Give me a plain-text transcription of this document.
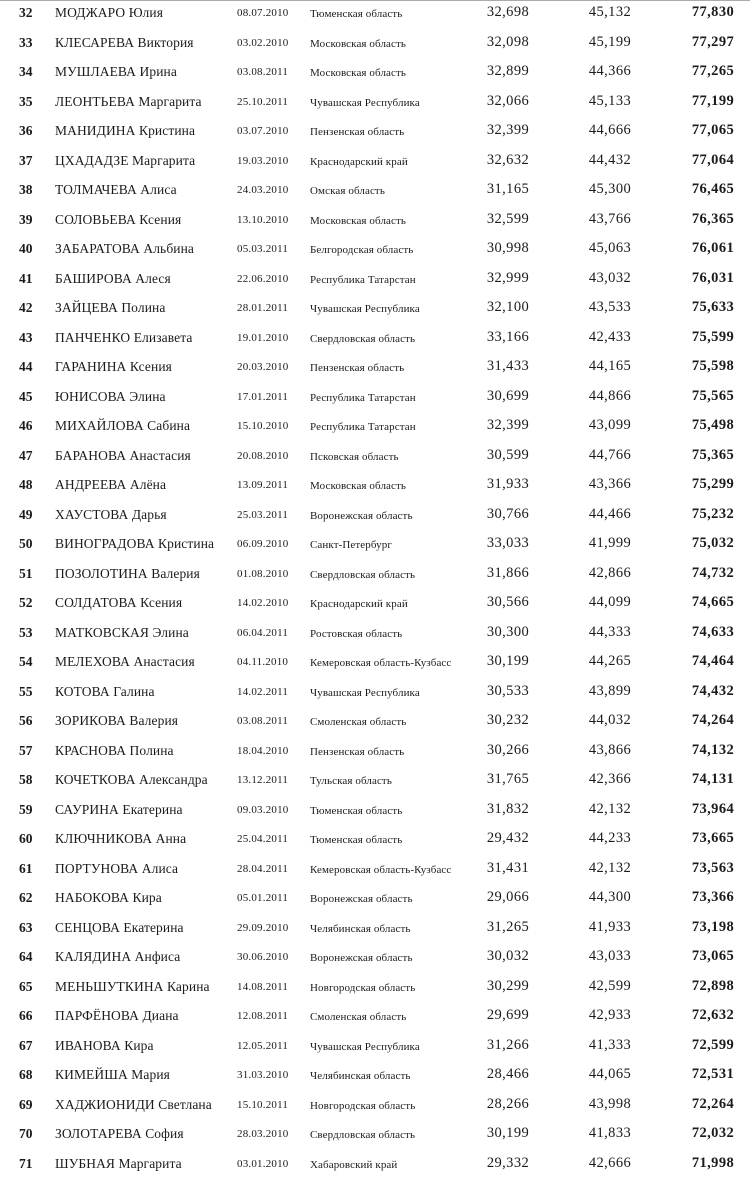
32	МОДЖАРО Юлия	08.07.2010	Тюменская область	32,698	45,132	77,830
33	КЛЕСАРЕВА Виктория	03.02.2010	Московская область	32,098	45,199	77,297
34	МУШЛАЕВА Ирина	03.08.2011	Московская область	32,899	44,366	77,265
35	ЛЕОНТЬЕВА Маргарита	25.10.2011	Чувашская Республика	32,066	45,133	77,199
36	МАНИДИНА Кристина	03.07.2010	Пензенская область	32,399	44,666	77,065
37	ЦХАДАДЗЕ Маргарита	19.03.2010	Краснодарский край	32,632	44,432	77,064
38	ТОЛМАЧЕВА Алиса	24.03.2010	Омская область	31,165	45,300	76,465
39	СОЛОВЬЕВА Ксения	13.10.2010	Московская область	32,599	43,766	76,365
40	ЗАБАРАТОВА Альбина	05.03.2011	Белгородская область	30,998	45,063	76,061
41	БАШИРОВА Алеся	22.06.2010	Республика Татарстан	32,999	43,032	76,031
42	ЗАЙЦЕВА Полина	28.01.2011	Чувашская Республика	32,100	43,533	75,633
43	ПАНЧЕНКО Елизавета	19.01.2010	Свердловская область	33,166	42,433	75,599
44	ГАРАНИНА Ксения	20.03.2010	Пензенская область	31,433	44,165	75,598
45	ЮНИСОВА Элина	17.01.2011	Республика Татарстан	30,699	44,866	75,565
46	МИХАЙЛОВА Сабина	15.10.2010	Республика Татарстан	32,399	43,099	75,498
47	БАРАНОВА Анастасия	20.08.2010	Псковская область	30,599	44,766	75,365
48	АНДРЕЕВА Алёна	13.09.2011	Московская область	31,933	43,366	75,299
49	ХАУСТОВА Дарья	25.03.2011	Воронежская область	30,766	44,466	75,232
50	ВИНОГРАДОВА Кристина	06.09.2010	Санкт-Петербург	33,033	41,999	75,032
51	ПОЗОЛОТИНА Валерия	01.08.2010	Свердловская область	31,866	42,866	74,732
52	СОЛДАТОВА Ксения	14.02.2010	Краснодарский край	30,566	44,099	74,665
53	МАТКОВСКАЯ Элина	06.04.2011	Ростовская область	30,300	44,333	74,633
54	МЕЛЕХОВА Анастасия	04.11.2010	Кемеровская область-Кузбасс	30,199	44,265	74,464
55	КОТОВА Галина	14.02.2011	Чувашская Республика	30,533	43,899	74,432
56	ЗОРИКОВА Валерия	03.08.2011	Смоленская область	30,232	44,032	74,264
57	КРАСНОВА Полина	18.04.2010	Пензенская область	30,266	43,866	74,132
58	КОЧЕТКОВА Александра	13.12.2011	Тульская область	31,765	42,366	74,131
59	САУРИНА Екатерина	09.03.2010	Тюменская область	31,832	42,132	73,964
60	КЛЮЧНИКОВА Анна	25.04.2011	Тюменская область	29,432	44,233	73,665
61	ПОРТУНОВА Алиса	28.04.2011	Кемеровская область-Кузбасс	31,431	42,132	73,563
62	НАБОКОВА Кира	05.01.2011	Воронежская область	29,066	44,300	73,366
63	СЕНЦОВА Екатерина	29.09.2010	Челябинская область	31,265	41,933	73,198
64	КАЛЯДИНА Анфиса	30.06.2010	Воронежская область	30,032	43,033	73,065
65	МЕНЬШУТКИНА Карина	14.08.2011	Новгородская область	30,299	42,599	72,898
66	ПАРФЁНОВА Диана	12.08.2011	Смоленская область	29,699	42,933	72,632
67	ИВАНОВА Кира	12.05.2011	Чувашская Республика	31,266	41,333	72,599
68	КИМЕЙША Мария	31.03.2010	Челябинская область	28,466	44,065	72,531
69	ХАДЖИОНИДИ Светлана	15.10.2011	Новгородская область	28,266	43,998	72,264
70	ЗОЛОТАРЕВА София	28.03.2010	Свердловская область	30,199	41,833	72,032
71	ШУБНАЯ Маргарита	03.01.2010	Хабаровский край	29,332	42,666	71,998
